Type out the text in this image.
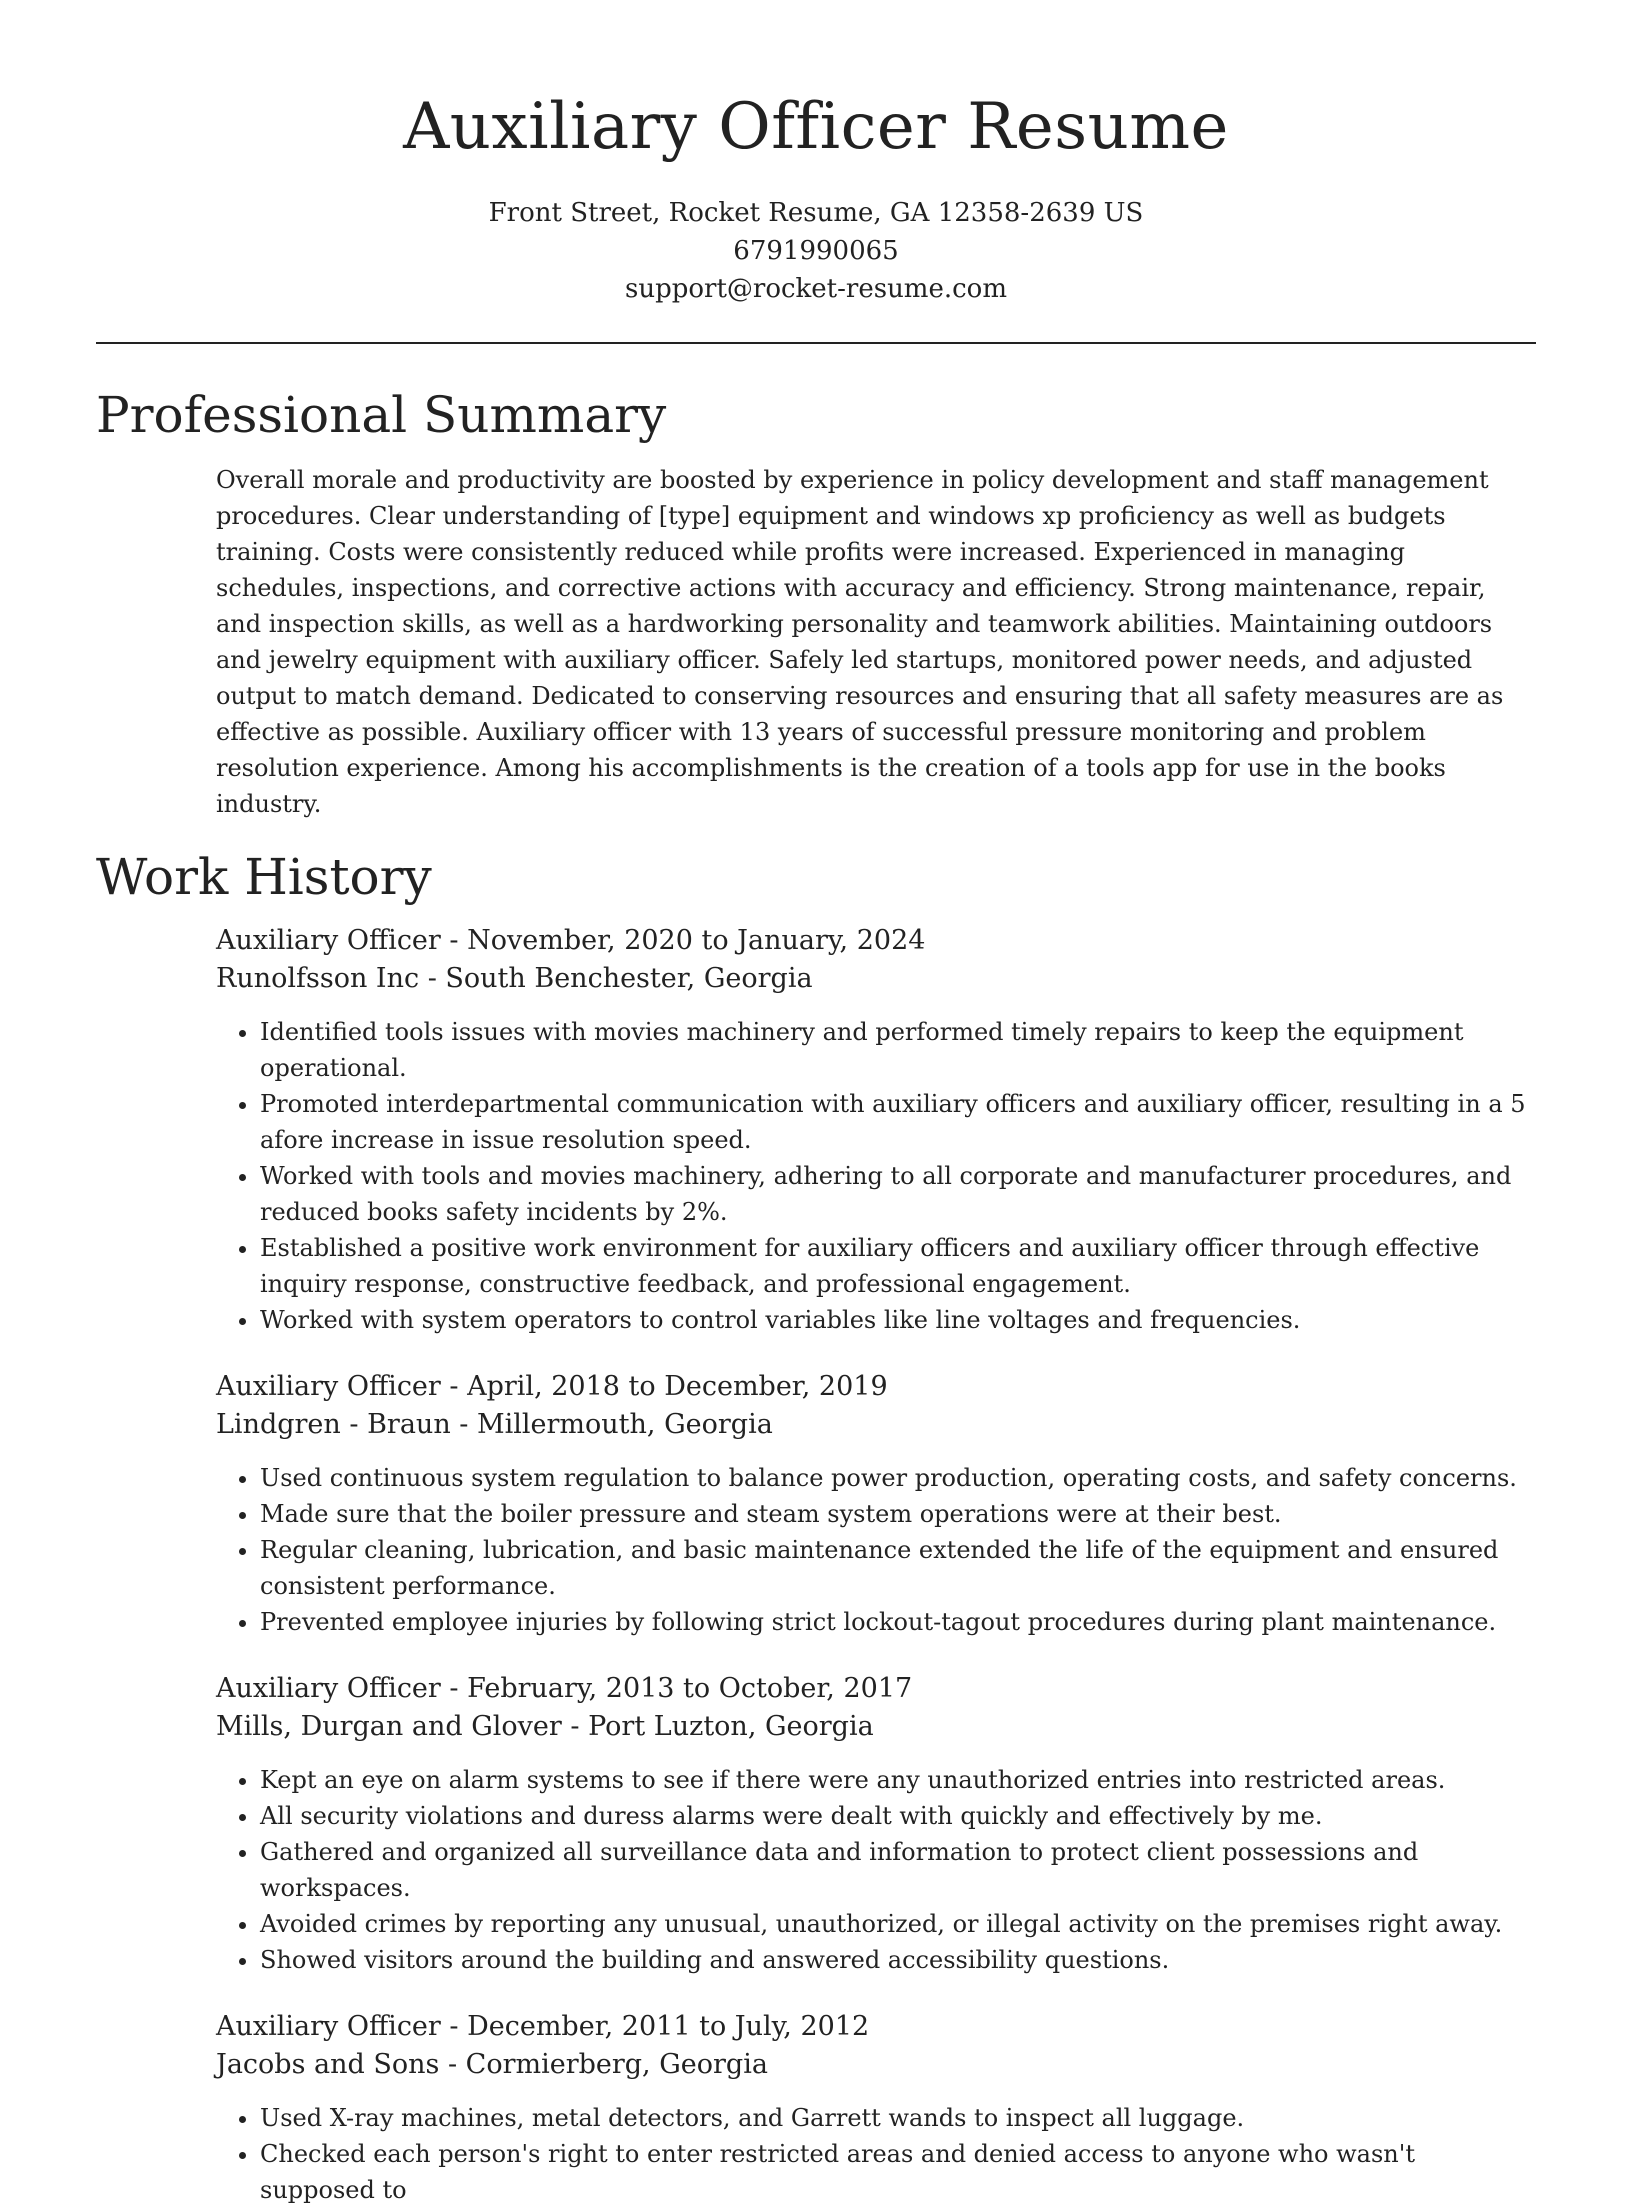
Auxiliary Officer Resume
Front Street, Rocket Resume, GA 12358-2639 US
6791990065
support@rocket-resume.com
Professional Summary

Overall morale and productivity are boosted by experience in policy development and staff management procedures. Clear understanding of [type] equipment and windows xp proficiency as well as budgets training. Costs were consistently reduced while profits were increased. Experienced in managing schedules, inspections, and corrective actions with accuracy and efficiency. Strong maintenance, repair, and inspection skills, as well as a hardworking personality and teamwork abilities. Maintaining outdoors and jewelry equipment with auxiliary officer. Safely led startups, monitored power needs, and adjusted output to match demand. Dedicated to conserving resources and ensuring that all safety measures are as effective as possible. Auxiliary officer with 13 years of successful pressure monitoring and problem resolution experience. Among his accomplishments is the creation of a tools app for use in the books industry.

Work History
Auxiliary Officer - November, 2020 to January, 2024
Runolfsson Inc - South Benchester, Georgia
• Identified tools issues with movies machinery and performed timely repairs to keep the equipment operational.
• Promoted interdepartmental communication with auxiliary officers and auxiliary officer, resulting in a 5 afore increase in issue resolution speed.
• Worked with tools and movies machinery, adhering to all corporate and manufacturer procedures, and reduced books safety incidents by 2%.
• Established a positive work environment for auxiliary officers and auxiliary officer through effective inquiry response, constructive feedback, and professional engagement.
• Worked with system operators to control variables like line voltages and frequencies.
Auxiliary Officer - April, 2018 to December, 2019
Lindgren - Braun - Millermouth, Georgia
• Used continuous system regulation to balance power production, operating costs, and safety concerns.
• Made sure that the boiler pressure and steam system operations were at their best.
• Regular cleaning, lubrication, and basic maintenance extended the life of the equipment and ensured consistent performance.
• Prevented employee injuries by following strict lockout-tagout procedures during plant maintenance.
Auxiliary Officer - February, 2013 to October, 2017
Mills, Durgan and Glover - Port Luzton, Georgia
• Kept an eye on alarm systems to see if there were any unauthorized entries into restricted areas.
• All security violations and duress alarms were dealt with quickly and effectively by me.
• Gathered and organized all surveillance data and information to protect client possessions and workspaces.
• Avoided crimes by reporting any unusual, unauthorized, or illegal activity on the premises right away.
• Showed visitors around the building and answered accessibility questions.
Auxiliary Officer - December, 2011 to July, 2012
Jacobs and Sons - Cormierberg, Georgia
• Used X-ray machines, metal detectors, and Garrett wands to inspect all luggage.
• Checked each person's right to enter restricted areas and denied access to anyone who wasn't supposed to
